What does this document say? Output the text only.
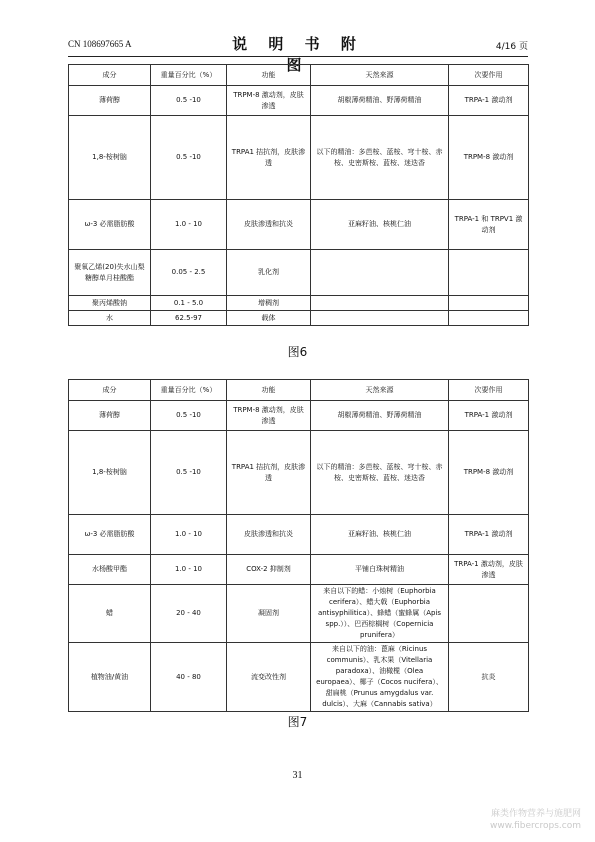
CN 108697665 A	说 明 书 附 图
4/16 页
成分	重量百分比（%）	功能	天然来源	次要作用
薄荷醇	0.5 -10	TRPM-8 激动剂，皮肤渗透	胡椒薄荷精油、野薄荷精油	TRPA-1 激动剂
1,8-桉树脑	0.5 -10	TRPA1 拮抗剂，皮肤渗透	以下的精油：多芭桉、蓝桉、穹十桉、赤桉、史密斯桉、蓝桉、迷迭香	TRPM-8 激动剂
ω-3 必需脂肪酸	1.0 - 10	皮肤渗透和抗炎	亚麻籽油、核桃仁油	TRPA-1 和 TRPV1 激动剂
聚氧乙烯(20)失水山梨糖醇单月桂酸酯	0.05 - 2.5	乳化剂		
聚丙烯酸钠	0.1 - 5.0	增稠剂		
水	62.5-97	载体		
图6
成分	重量百分比（%）	功能	天然来源	次要作用
薄荷醇	0.5 -10	TRPM-8 激动剂，皮肤渗透	胡椒薄荷精油、野薄荷精油	TRPA-1 激动剂
1,8-桉树脑	0.5 -10	TRPA1 拮抗剂，皮肤渗透	以下的精油：多芭桉、蓝桉、穹十桉、赤桉、史密斯桉、蓝桉、迷迭香	TRPM-8 激动剂
ω-3 必需脂肪酸	1.0 - 10	皮肤渗透和抗炎	亚麻籽油、核桃仁油	TRPA-1 激动剂
水杨酸甲酯	1.0 - 10	COX-2 抑制剂	平铺白珠树精油	TRPA-1 激动剂，皮肤渗透
蜡	20 - 40	凝固剂	来自以下的蜡：小烛树（Euphorbia cerifera）、蜡大戟（Euphorbia antisyphilitica）、蜂蜡（蜜蜂属（Apis spp.））、巴西棕榈树（Copernicia prunifera）	
植物油/黄油	40 - 80	流变改性剂	来自以下的油：蓖麻（Ricinus communis）、乳木果（Vitellaria paradoxa）、油橄榄（Olea europaea）、椰子（Cocos nucifera）、甜扁桃（Prunus amygdalus var. dulcis）、大麻（Cannabis sativa）	抗炎
图7
31
麻类作物营养与施肥网
www.fibercrops.com
